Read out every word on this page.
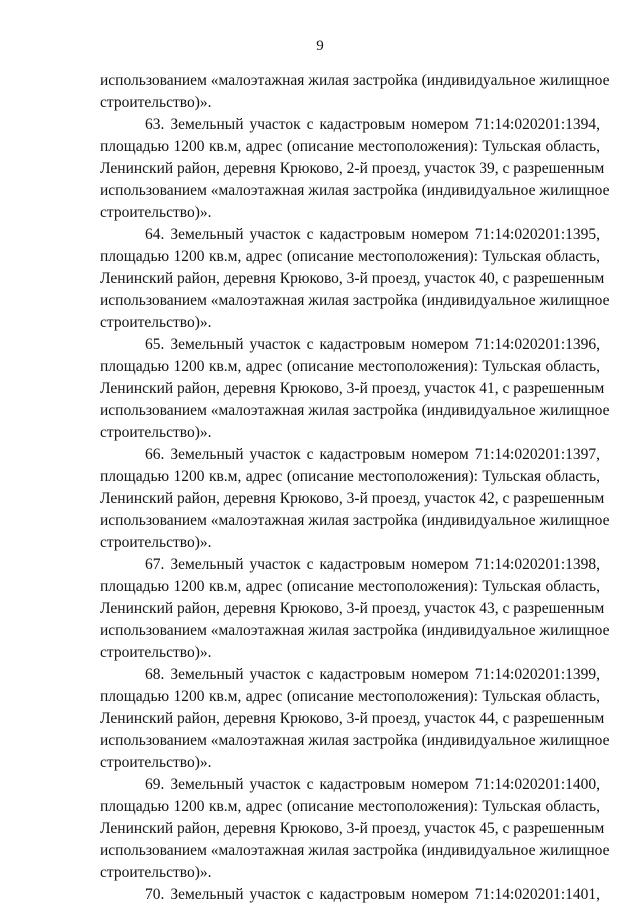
9
использованием «малоэтажная жилая застройка (индивидуальное жилищное
строительство)».
63. Земельный участок с кадастровым номером 71:14:020201:1394,
площадью 1200 кв.м, адрес (описание местоположения): Тульская область,
Ленинский район, деревня Крюково, 2-й проезд, участок 39, с разрешенным
использованием «малоэтажная жилая застройка (индивидуальное жилищное
строительство)».
64. Земельный участок с кадастровым номером 71:14:020201:1395,
площадью 1200 кв.м, адрес (описание местоположения): Тульская область,
Ленинский район, деревня Крюково, 3-й проезд, участок 40, с разрешенным
использованием «малоэтажная жилая застройка (индивидуальное жилищное
строительство)».
65. Земельный участок с кадастровым номером 71:14:020201:1396,
площадью 1200 кв.м, адрес (описание местоположения): Тульская область,
Ленинский район, деревня Крюково, 3-й проезд, участок 41, с разрешенным
использованием «малоэтажная жилая застройка (индивидуальное жилищное
строительство)».
66. Земельный участок с кадастровым номером 71:14:020201:1397,
площадью 1200 кв.м, адрес (описание местоположения): Тульская область,
Ленинский район, деревня Крюково, 3-й проезд, участок 42, с разрешенным
использованием «малоэтажная жилая застройка (индивидуальное жилищное
строительство)».
67. Земельный участок с кадастровым номером 71:14:020201:1398,
площадью 1200 кв.м, адрес (описание местоположения): Тульская область,
Ленинский район, деревня Крюково, 3-й проезд, участок 43, с разрешенным
использованием «малоэтажная жилая застройка (индивидуальное жилищное
строительство)».
68. Земельный участок с кадастровым номером 71:14:020201:1399,
площадью 1200 кв.м, адрес (описание местоположения): Тульская область,
Ленинский район, деревня Крюково, 3-й проезд, участок 44, с разрешенным
использованием «малоэтажная жилая застройка (индивидуальное жилищное
строительство)».
69. Земельный участок с кадастровым номером 71:14:020201:1400,
площадью 1200 кв.м, адрес (описание местоположения): Тульская область,
Ленинский район, деревня Крюково, 3-й проезд, участок 45, с разрешенным
использованием «малоэтажная жилая застройка (индивидуальное жилищное
строительство)».
70. Земельный участок с кадастровым номером 71:14:020201:1401,
